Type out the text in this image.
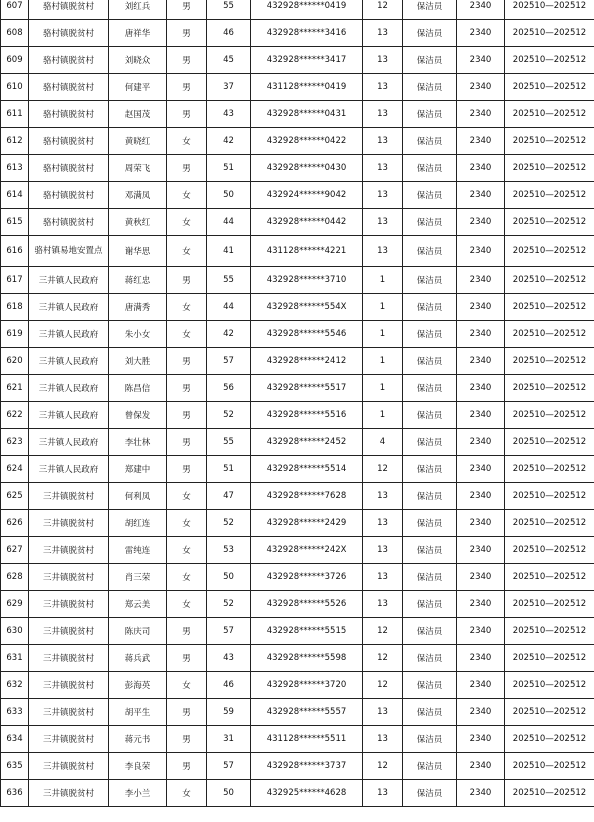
607	骆村镇脱贫村	刘红兵	男	55	432928******0419	12	保洁员	2340	202510—202512
608	骆村镇脱贫村	唐祥华	男	46	432928******3416	13	保洁员	2340	202510—202512
609	骆村镇脱贫村	刘晓众	男	45	432928******3417	13	保洁员	2340	202510—202512
610	骆村镇脱贫村	何建平	男	37	431128******0419	13	保洁员	2340	202510—202512
611	骆村镇脱贫村	赵国茂	男	43	432928******0431	13	保洁员	2340	202510—202512
612	骆村镇脱贫村	黄晓红	女	42	432928******0422	13	保洁员	2340	202510—202512
613	骆村镇脱贫村	周荣飞	男	51	432928******0430	13	保洁员	2340	202510—202512
614	骆村镇脱贫村	邓满凤	女	50	432924******9042	13	保洁员	2340	202510—202512
615	骆村镇脱贫村	黄秋红	女	44	432928******0442	13	保洁员	2340	202510—202512
616	骆村镇易地安置点	谢华思	女	41	431128******4221	13	保洁员	2340	202510—202512
617	三井镇人民政府	蒋红忠	男	55	432928******3710	1	保洁员	2340	202510—202512
618	三井镇人民政府	唐满秀	女	44	432928******554X	1	保洁员	2340	202510—202512
619	三井镇人民政府	朱小女	女	42	432928******5546	1	保洁员	2340	202510—202512
620	三井镇人民政府	刘大胜	男	57	432928******2412	1	保洁员	2340	202510—202512
621	三井镇人民政府	陈昌信	男	56	432928******5517	1	保洁员	2340	202510—202512
622	三井镇人民政府	曾保发	男	52	432928******5516	1	保洁员	2340	202510—202512
623	三井镇人民政府	李壮林	男	55	432928******2452	4	保洁员	2340	202510—202512
624	三井镇人民政府	郑建中	男	51	432928******5514	12	保洁员	2340	202510—202512
625	三井镇脱贫村	何利凤	女	47	432928******7628	13	保洁员	2340	202510—202512
626	三井镇脱贫村	胡红连	女	52	432928******2429	13	保洁员	2340	202510—202512
627	三井镇脱贫村	雷纯连	女	53	432928******242X	13	保洁员	2340	202510—202512
628	三井镇脱贫村	肖三荣	女	50	432928******3726	13	保洁员	2340	202510—202512
629	三井镇脱贫村	郑云美	女	52	432928******5526	13	保洁员	2340	202510—202512
630	三井镇脱贫村	陈庆司	男	57	432928******5515	12	保洁员	2340	202510—202512
631	三井镇脱贫村	蒋兵武	男	43	432928******5598	12	保洁员	2340	202510—202512
632	三井镇脱贫村	彭海英	女	46	432928******3720	12	保洁员	2340	202510—202512
633	三井镇脱贫村	胡平生	男	59	432928******5557	13	保洁员	2340	202510—202512
634	三井镇脱贫村	蒋元书	男	31	431128******5511	13	保洁员	2340	202510—202512
635	三井镇脱贫村	李良荣	男	57	432928******3737	12	保洁员	2340	202510—202512
636	三井镇脱贫村	李小兰	女	50	432925******4628	13	保洁员	2340	202510—202512
